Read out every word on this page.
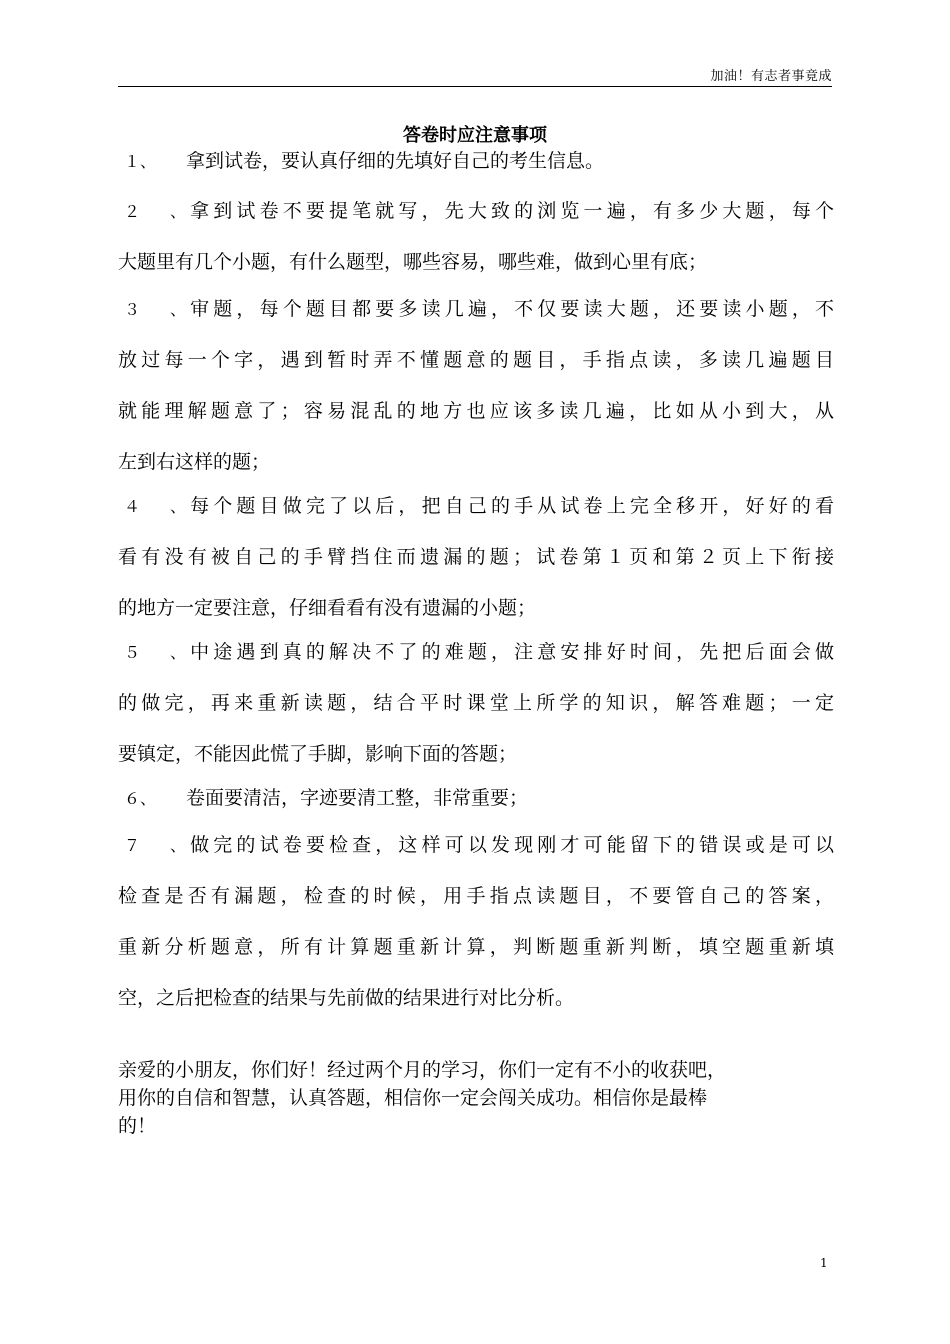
加油！有志者事竟成
答卷时应注意事项

１、 拿到试卷，要认真仔细的先填好自己的考生信息。

２、拿到试卷不要提笔就写，先大致的浏览一遍，有多少大题，每个
大题里有几个小题，有什么题型，哪些容易，哪些难，做到心里有底；

３、审题，每个题目都要多读几遍，不仅要读大题，还要读小题，不
放过每一个字，遇到暂时弄不懂题意的题目，手指点读，多读几遍题目
就能理解题意了；容易混乱的地方也应该多读几遍，比如从小到大，从
左到右这样的题；

４、每个题目做完了以后，把自己的手从试卷上完全移开，好好的看
看有没有被自己的手臂挡住而遗漏的题；试卷第１页和第２页上下衔接
的地方一定要注意，仔细看看有没有遗漏的小题；

５、中途遇到真的解决不了的难题，注意安排好时间，先把后面会做
的做完，再来重新读题，结合平时课堂上所学的知识，解答难题；一定
要镇定，不能因此慌了手脚，影响下面的答题；

６、 卷面要清洁，字迹要清工整，非常重要；

７、做完的试卷要检查，这样可以发现刚才可能留下的错误或是可以
检查是否有漏题，检查的时候，用手指点读题目，不要管自己的答案，
重新分析题意，所有计算题重新计算，判断题重新判断，填空题重新填
空，之后把检查的结果与先前做的结果进行对比分析。

亲爱的小朋友，你们好！经过两个月的学习，你们一定有不小的收获吧，
用你的自信和智慧，认真答题，相信你一定会闯关成功。相信你是最棒
的！
1
